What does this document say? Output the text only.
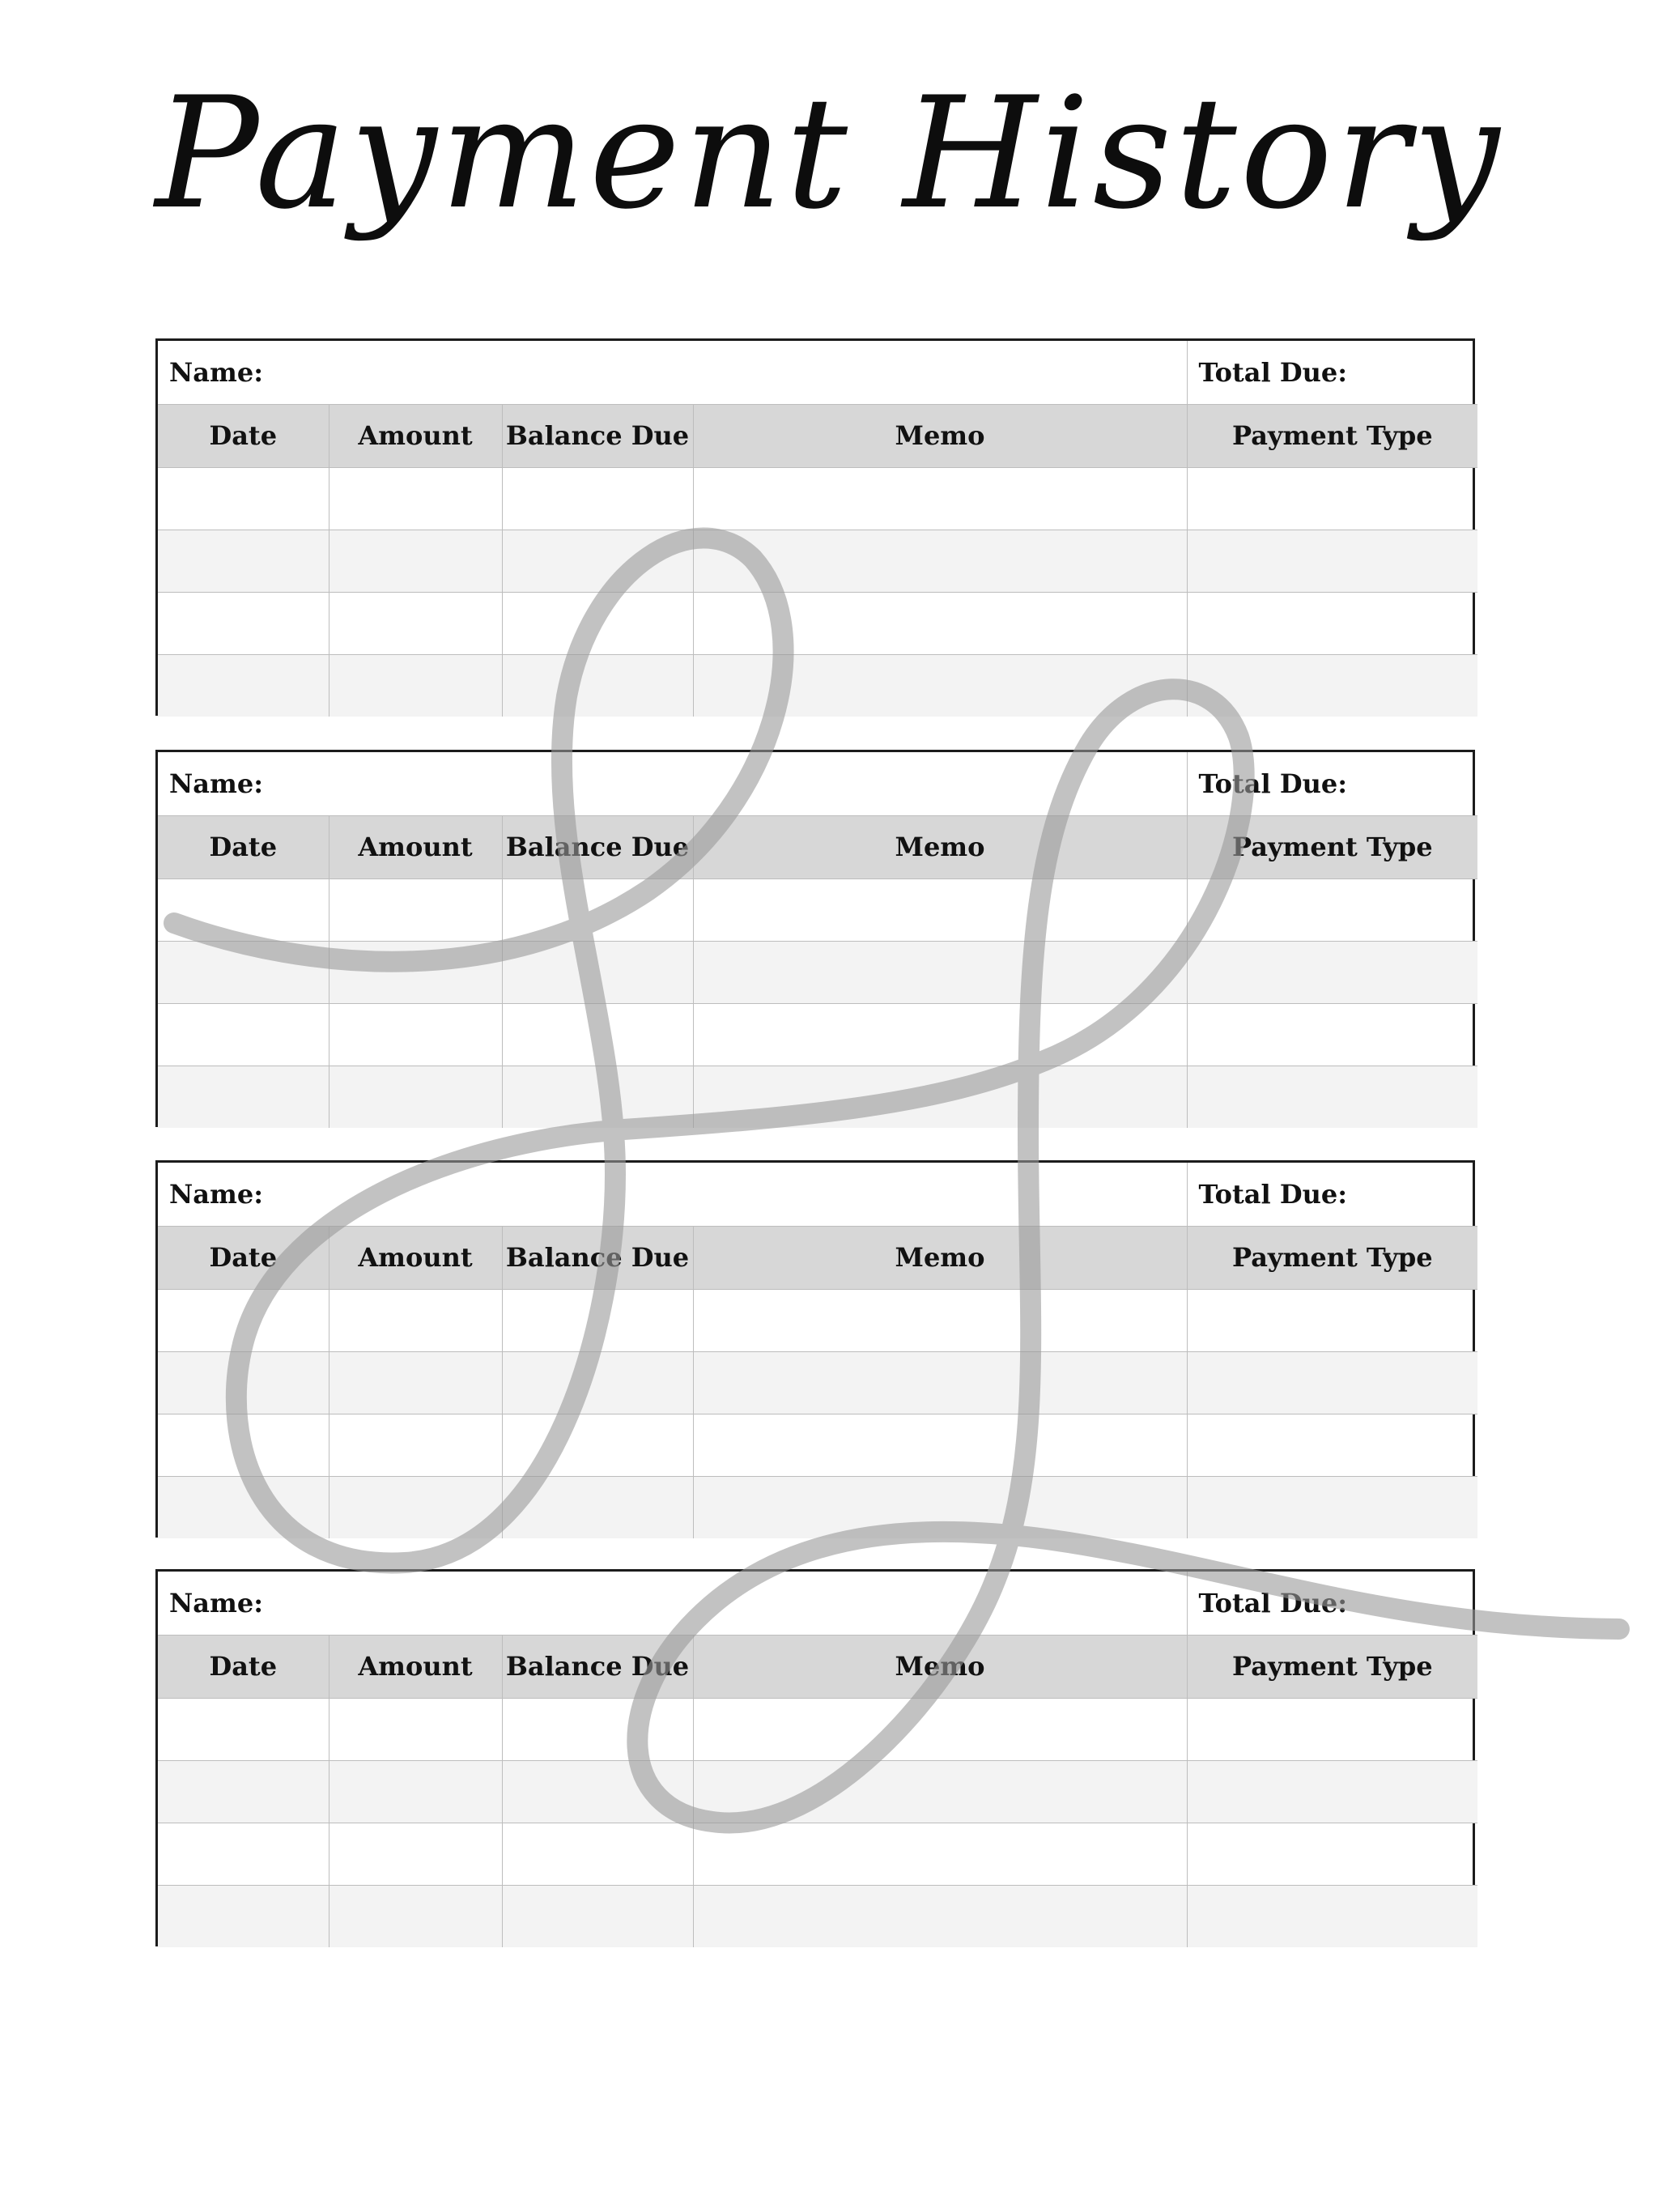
Payment History
Name:				Total Due:
Date	Amount	Balance Due	Memo	Payment Type

Name:				Total Due:
Date	Amount	Balance Due	Memo	Payment Type

Name:				Total Due:
Date	Amount	Balance Due	Memo	Payment Type

Name:				Total Due:
Date	Amount	Balance Due	Memo	Payment Type
